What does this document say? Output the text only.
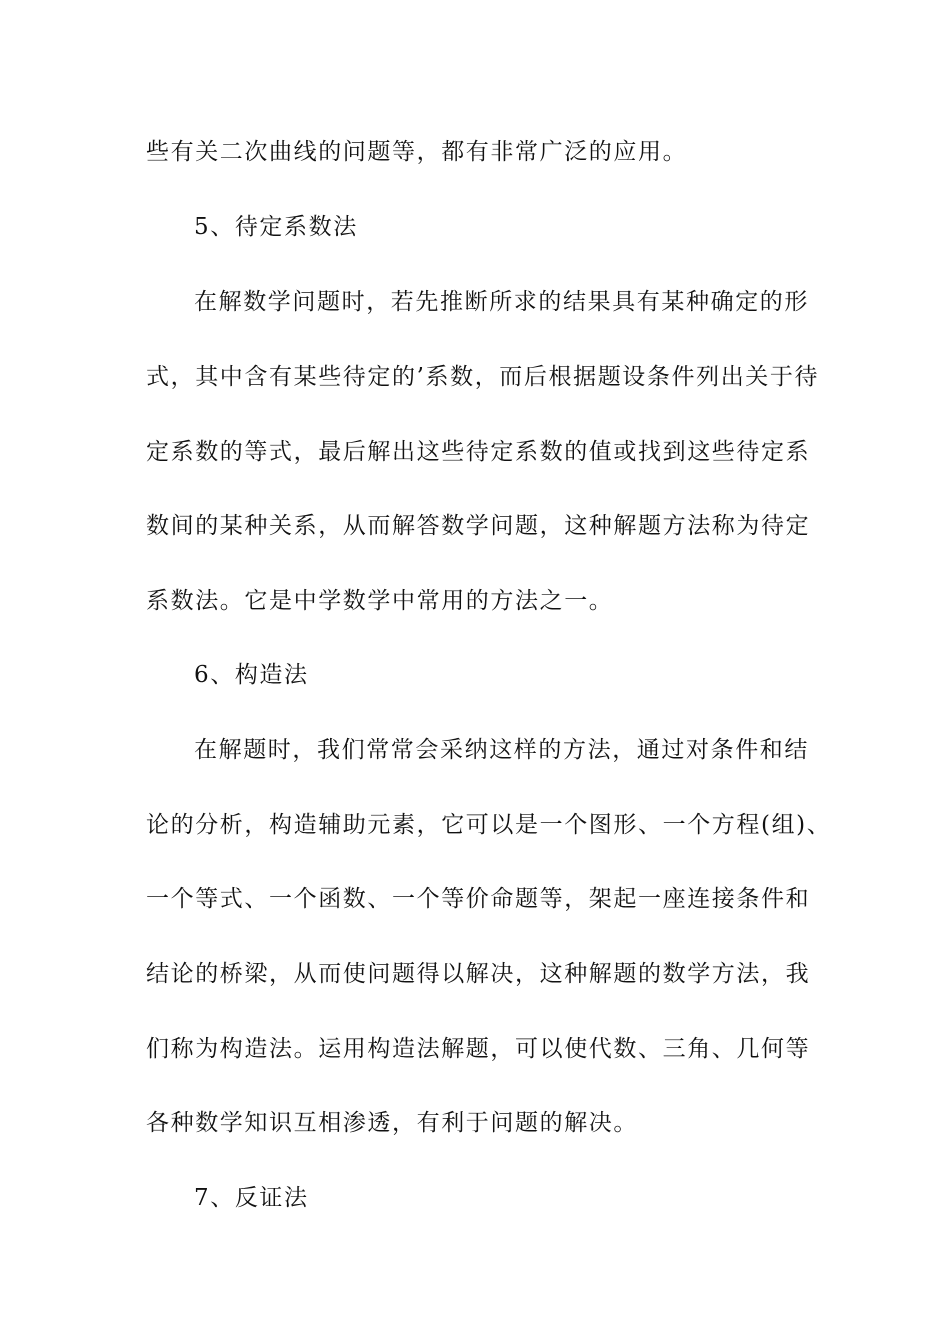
些有关二次曲线的问题等，都有非常广泛的应用。
5、待定系数法
在解数学问题时，若先推断所求的结果具有某种确定的形
式，其中含有某些待定的’系数，而后根据题设条件列出关于待
定系数的等式，最后解出这些待定系数的值或找到这些待定系
数间的某种关系，从而解答数学问题，这种解题方法称为待定
系数法。它是中学数学中常用的方法之一。
6、构造法
在解题时，我们常常会采纳这样的方法，通过对条件和结
论的分析，构造辅助元素，它可以是一个图形、一个方程(组)、
一个等式、一个函数、一个等价命题等，架起一座连接条件和
结论的桥梁，从而使问题得以解决，这种解题的数学方法，我
们称为构造法。运用构造法解题，可以使代数、三角、几何等
各种数学知识互相渗透，有利于问题的解决。
7、反证法
